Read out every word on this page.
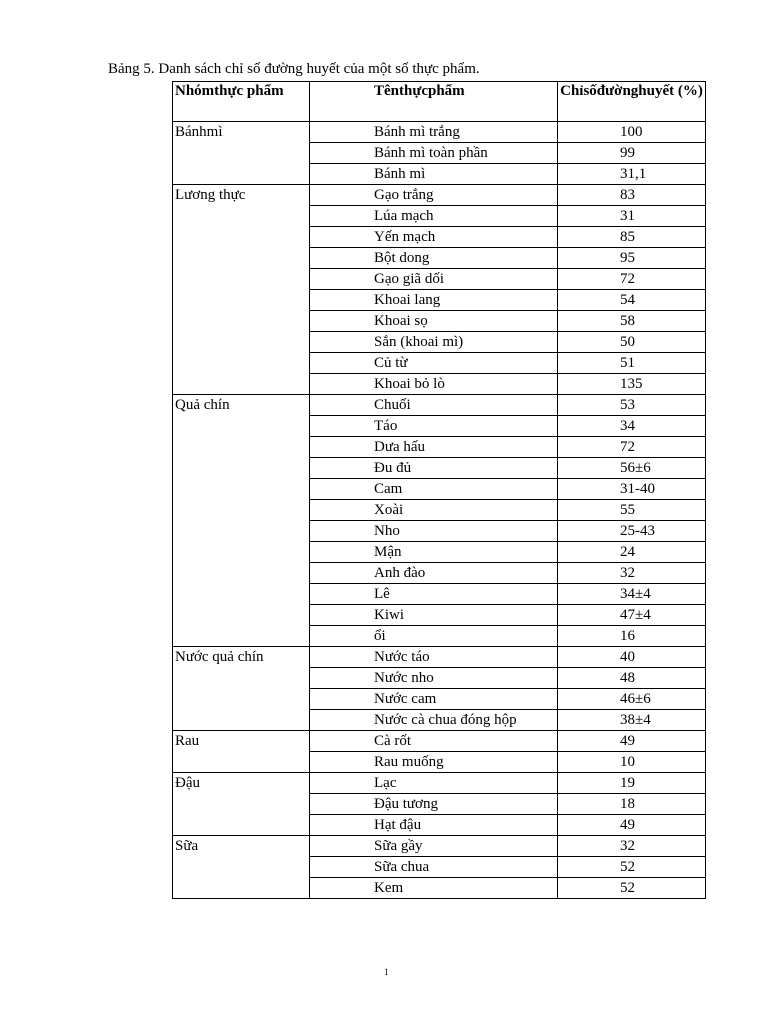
Bảng 5. Danh sách chỉ số đường huyết của một số thực phẩm.
Nhómthực phẩm	Tênthựcphẩm	Chỉsốđườnghuyết (%)
Bánhmì	Bánh mì trắng	100
	Bánh mì toàn phần	99
	Bánh mì	31,1
Lương thực	Gạo trắng	83
	Lúa mạch	31
	Yến mạch	85
	Bột dong	95
	Gạo giã dối	72
	Khoai lang	54
	Khoai sọ	58
	Sắn (khoai mì)	50
	Củ từ	51
	Khoai bỏ lò	135
Quả chín	Chuối	53
	Táo	34
	Dưa hấu	72
	Đu đủ	56±6
	Cam	31-40
	Xoài	55
	Nho	25-43
	Mận	24
	Anh đào	32
	Lê	34±4
	Kiwi	47±4
	ổi	16
Nước quả chín	Nước táo	40
	Nước nho	48
	Nước cam	46±6
	Nước cà chua đóng hộp	38±4
Rau	Cà rốt	49
	Rau muống	10
Đậu	Lạc	19
	Đậu tương	18
	Hạt đậu	49
Sữa	Sữa gầy	32
	Sữa chua	52
	Kem	52
1
